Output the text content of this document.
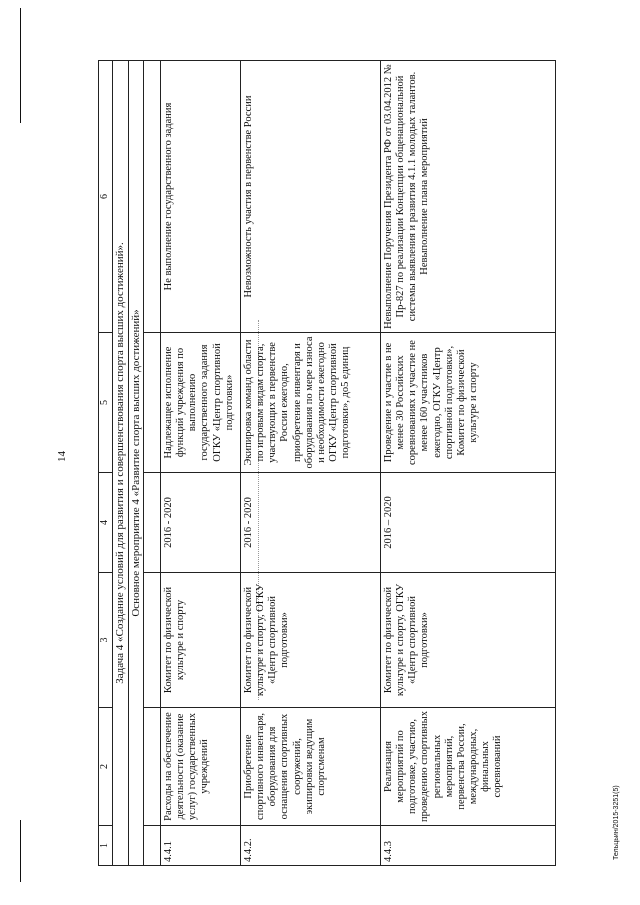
14
1	2	3	4	5	6
Задача 4 «Создание условий для развития и совершенствования спорта высших достижений».					
Основное мероприятие 4 «Развитие спорта высших достижений»					

4.4.1	Расходы на обеспечение деятельности (оказание услуг) государственных учреждений	Комитет по физической культуре и спорту	2016 - 2020	Надлежащее исполнение функций учреждения по выполнению государственного задания ОГКУ «Центр спортивной подготовки»	Не выполнение государственного задания
4.4.2.	Приобретение спортивного инвентаря, оборудования для оснащения спортивных сооружений, экипировки ведущим спортсменам	Комитет по физической культуре и спорту, ОГКУ «Центр спортивной подготовки»	2016 - 2020	Экипировка команд области по игровым видам спорта, участвующих в первенстве России ежегодно, приобретение инвентаря и оборудования по мере износа и необходимости ежегодно ОГКУ «Центр спортивной подготовки», до5 единиц	Невозможность участия в первенстве России
4.4.3	Реализация мероприятий по подготовке, участию, проведению спортивных региональных мероприятий, первенства России, международных, финальных соревнований	Комитет по физической культуре и спорту, ОГКУ «Центр спортивной подготовки»	2016 – 2020	Проведение и участие в не менее 30 Российских соревнованиях и участие не менее 160 участников ежегодно, ОГКУ «Центр спортивной подготовки», Комитет по физической культуре и спорту	Невыполнение Поручения Президента РФ от 03.04.2012 № Пр-827 по реализации Концепции общенациональной системы выявления и развития 4.1.1 молодых талантов. Невыполнение плана мероприятий
Тельцьин/2015-3251(5)
